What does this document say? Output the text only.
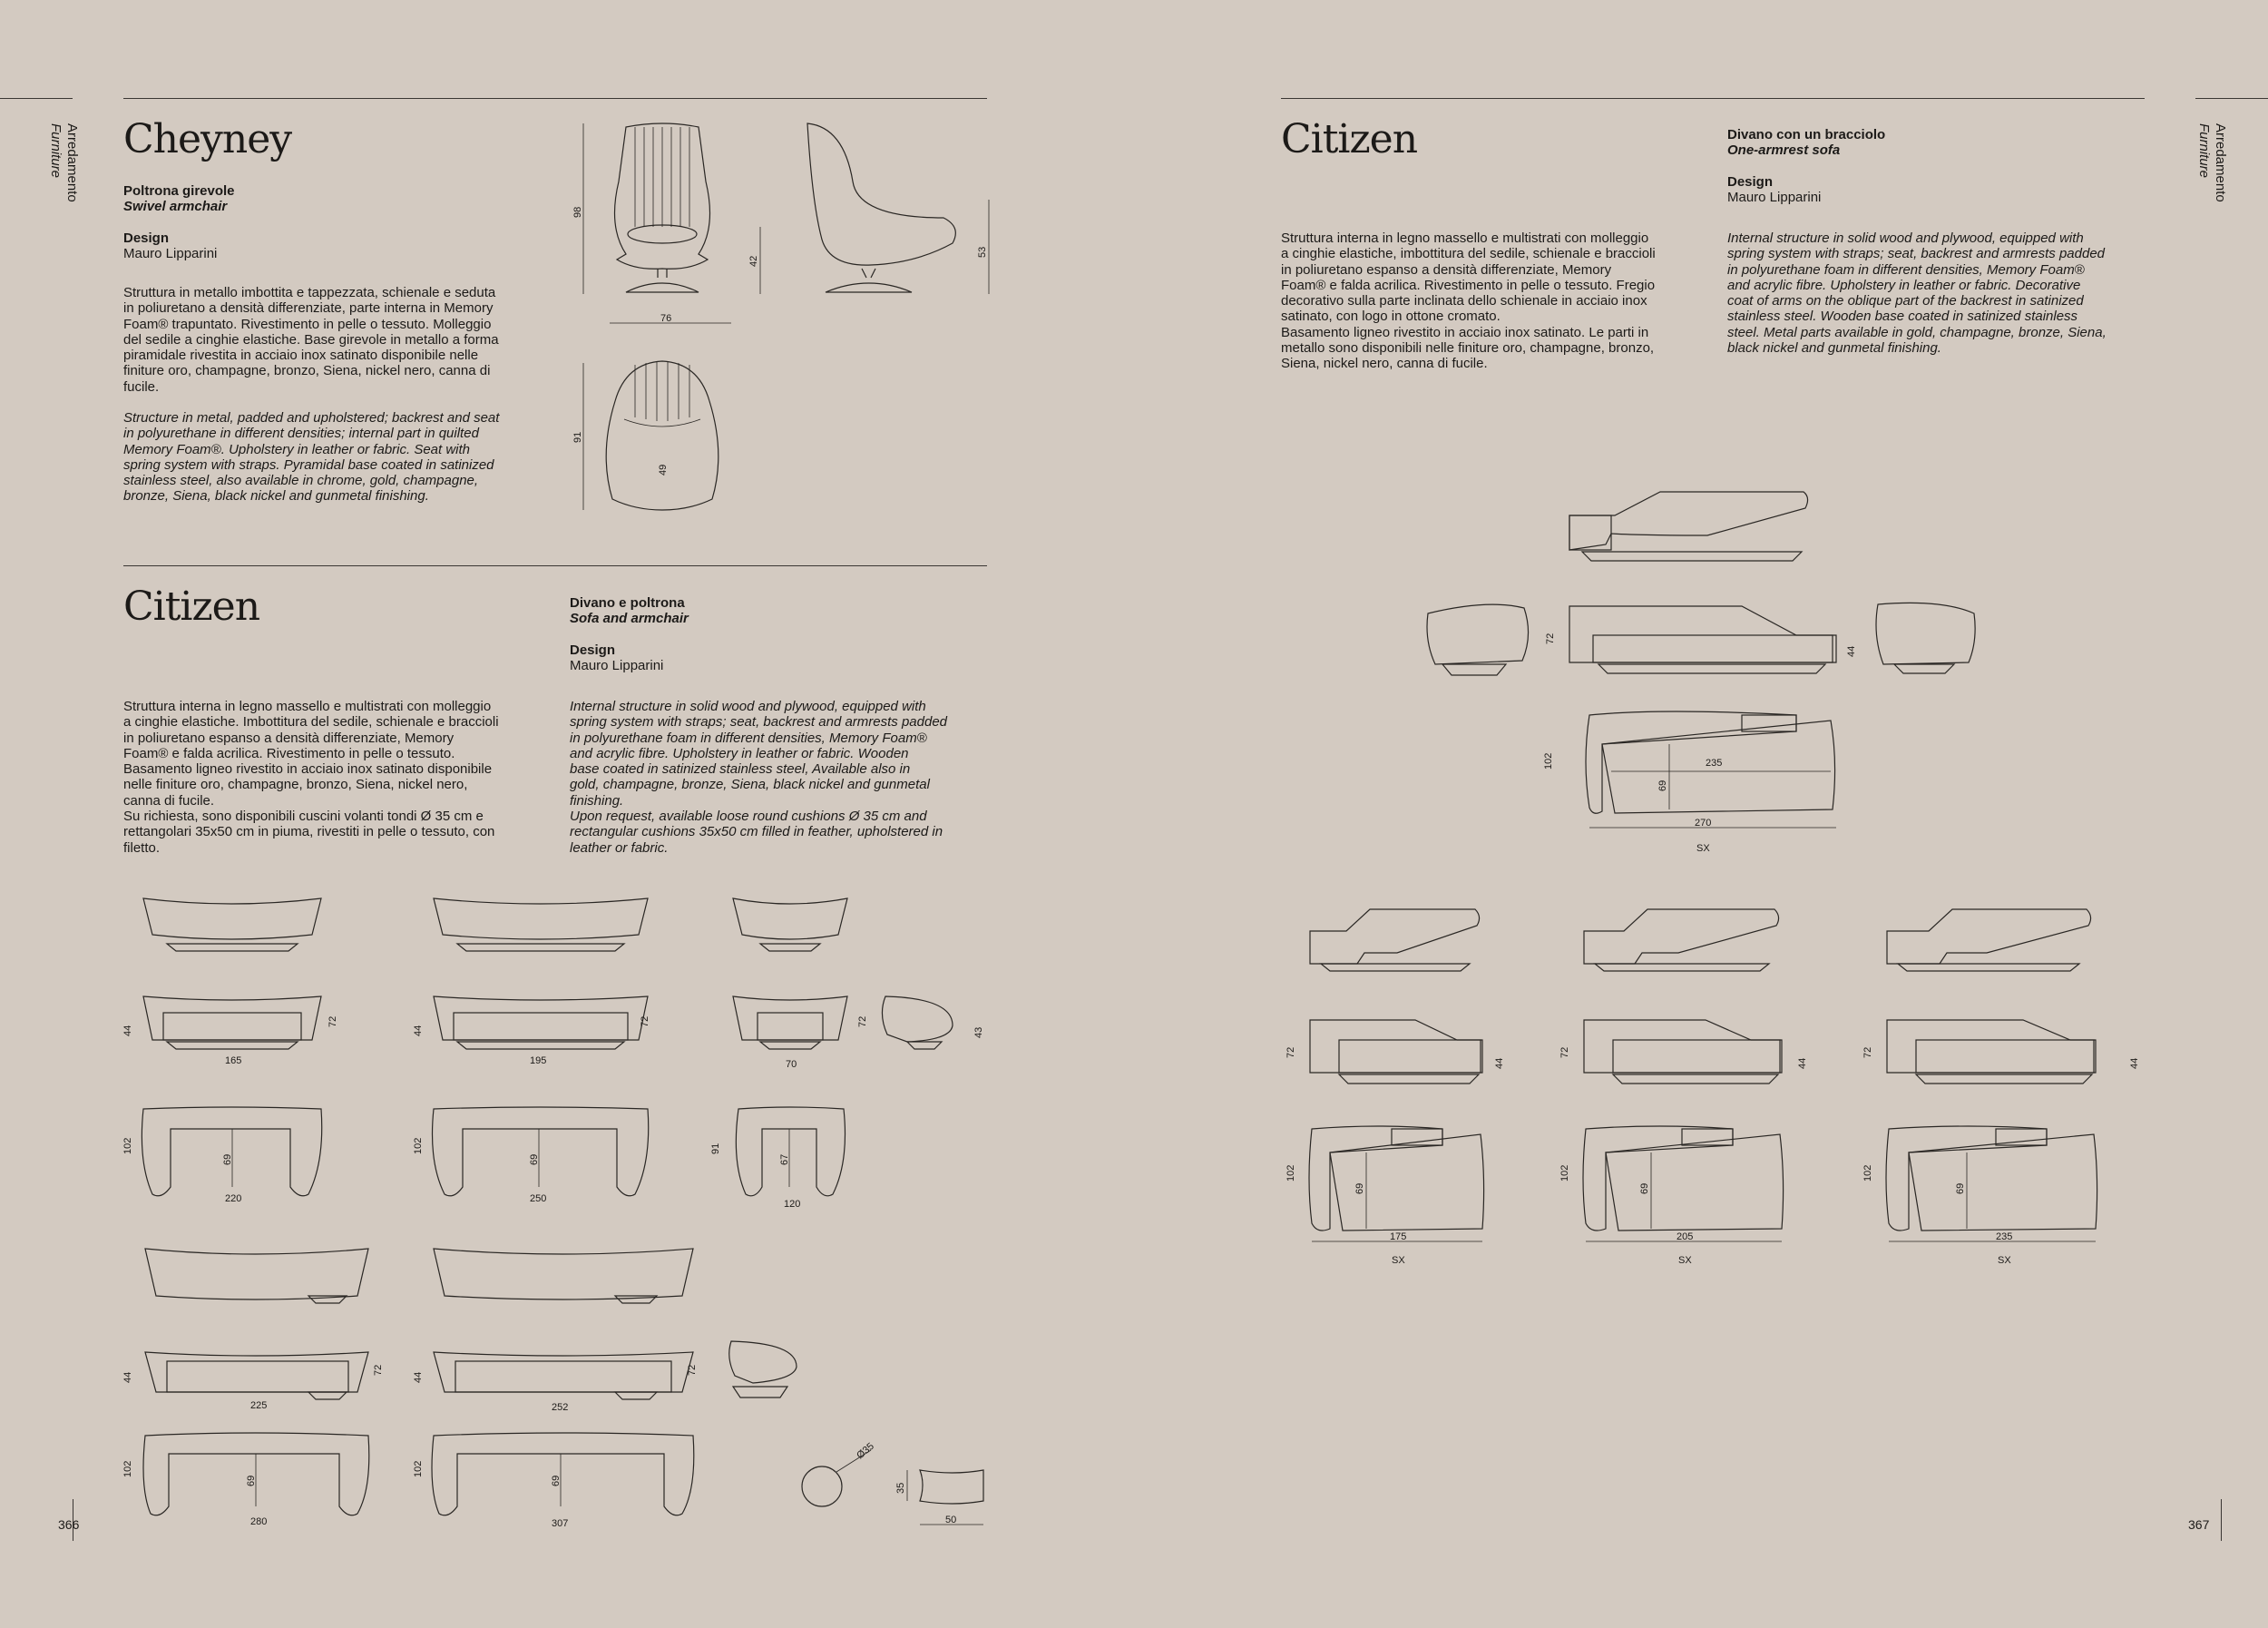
Arredamento
Furniture	Arredamento
Furniture
366	367
Cheyney
Poltrona girevole
Swivel armchair
Design
Mauro Lipparini
Struttura in metallo imbottita e tappezzata, schienale e seduta
in poliuretano a densità differenziate, parte interna in Memory
Foam® trapuntato. Rivestimento in pelle o tessuto. Molleggio
del sedile a cinghie elastiche. Base girevole in metallo a forma
piramidale rivestita in acciaio inox satinato disponibile nelle
finiture oro, champagne, bronzo, Siena, nickel nero, canna di
fucile.
Structure in metal, padded and upholstered; backrest and seat
in polyurethane in different densities; internal part in quilted
Memory Foam®. Upholstery in leather or fabric. Seat with
spring system with straps. Pyramidal base coated in satinized
stainless steel, also available in chrome, gold, champagne,
bronze, Siena, black nickel and gunmetal finishing.
Citizen	Divano e poltrona
Sofa and armchair
Design
Mauro Lipparini
Struttura interna in legno massello e multistrati con molleggio
a cinghie elastiche. Imbottitura del sedile, schienale e braccioli
in poliuretano espanso a densità differenziate, Memory
Foam® e falda acrilica. Rivestimento in pelle o tessuto.
Basamento ligneo rivestito in acciaio inox satinato disponibile
nelle finiture oro, champagne, bronzo, Siena, nickel nero,
canna di fucile.
Su richiesta, sono disponibili cuscini volanti tondi Ø 35 cm e
rettangolari 35x50 cm in piuma, rivestiti in pelle o tessuto, con
filetto.
Internal structure in solid wood and plywood, equipped with
spring system with straps; seat, backrest and armrests padded
in polyurethane foam in different densities, Memory Foam®
and acrylic fibre. Upholstery in leather or fabric. Wooden
base coated in satinized stainless steel, Available also in
gold, champagne, bronze, Siena, black nickel and gunmetal
finishing.
Upon request, available loose round cushions Ø 35 cm and
rectangular cushions 35x50 cm filled in feather, upholstered in
leather or fabric.
Citizen	Divano con un bracciolo
One-armrest sofa
Design
Mauro Lipparini
Struttura interna in legno massello e multistrati con molleggio
a cinghie elastiche, imbottitura del sedile, schienale e braccioli
in poliuretano espanso a densità differenziate, Memory
Foam® e falda acrilica. Rivestimento in pelle o tessuto. Fregio
decorativo sulla parte inclinata dello schienale in acciaio inox
satinato, con logo in ottone cromato.
Basamento ligneo rivestito in acciaio inox satinato. Le parti in
metallo sono disponibili nelle finiture oro, champagne, bronzo,
Siena, nickel nero, canna di fucile.
Internal structure in solid wood and plywood, equipped with
spring system with straps; seat, backrest and armrests padded
in polyurethane foam in different densities, Memory Foam®
and acrylic fibre. Upholstery in leather or fabric. Decorative
coat of arms on the oblique part of the backrest in satinized
stainless steel. Wooden base coated in satinized stainless
steel. Metal parts available in gold, champagne, bronze, Siena,
black nickel and gunmetal finishing.
98
76
42
53
91
49
44
72
165
44
72
195
72
70
43
102
69
220
102
69
250
91
67
120
44
72
225
44
72
252
102
69
280
102
69
307
Ø35
35
50
72
44
102	235
69
270
SX
72
44
102
69
175
SX
72
44
102
69
205
SX
72
44
102
69
235
SX
